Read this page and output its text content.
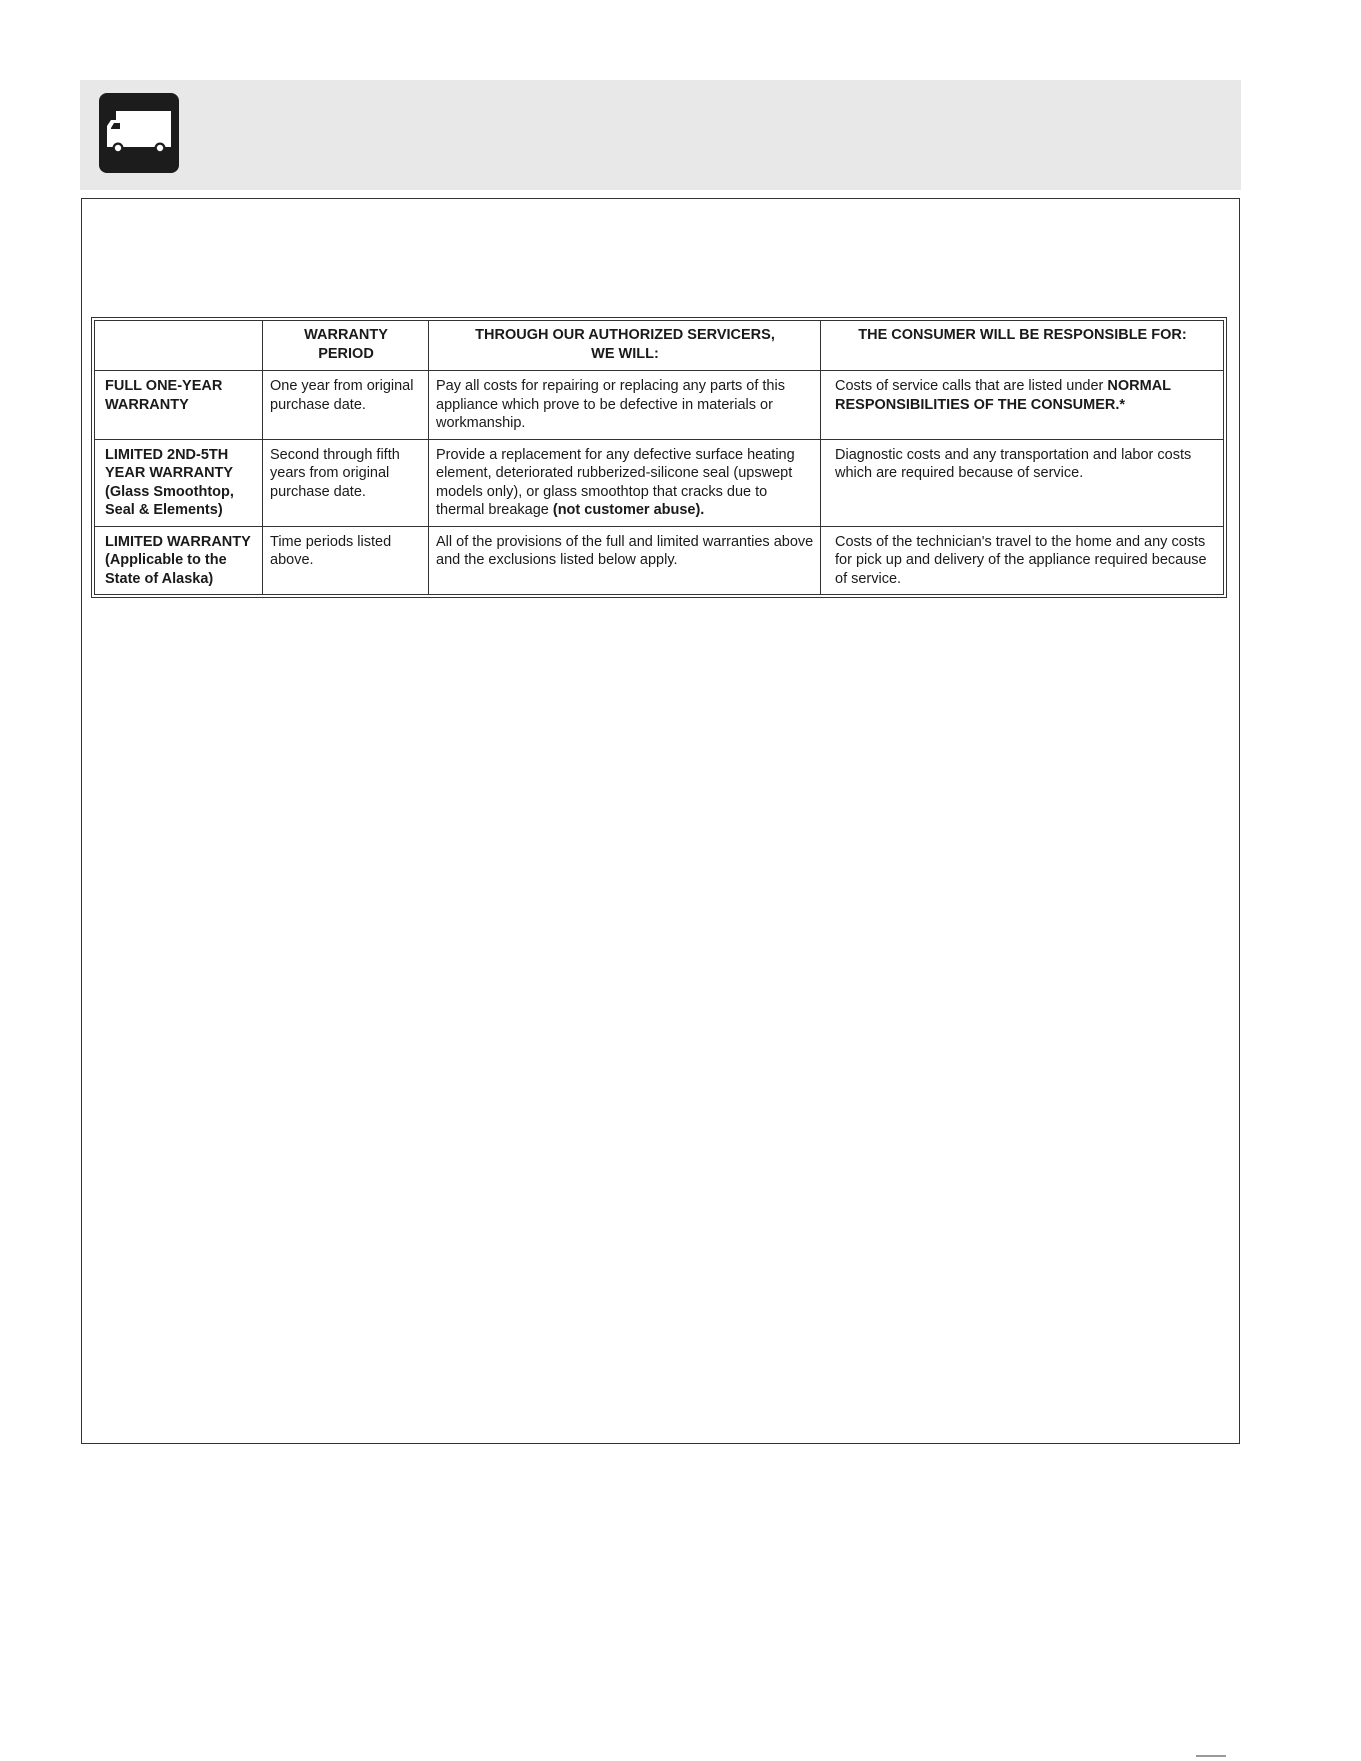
	WARRANTY PERIOD	THROUGH OUR AUTHORIZED SERVICERS, WE WILL:	THE CONSUMER WILL BE RESPONSIBLE FOR:
FULL ONE-YEAR WARRANTY	One year from original purchase date.	Pay all costs for repairing or replacing any parts of this appliance which prove to be defective in materials or workmanship.	Costs of service calls that are listed under NORMAL RESPONSIBILITIES OF THE CONSUMER.*
LIMITED 2ND-5TH YEAR WARRANTY (Glass Smoothtop, Seal & Elements)	Second through fifth years from original purchase date.	Provide a replacement for any defective surface heating element, deteriorated rubberized-silicone seal (upswept models only), or glass smoothtop that cracks due to thermal breakage (not customer abuse).	Diagnostic costs and any transportation and labor costs which are required because of service.
LIMITED WARRANTY (Applicable to the State of Alaska)	Time periods listed above.	All of the provisions of the full and limited warranties above and the exclusions listed below apply.	Costs of the technician's travel to the home and any costs for pick up and delivery of the appliance required because of service.
